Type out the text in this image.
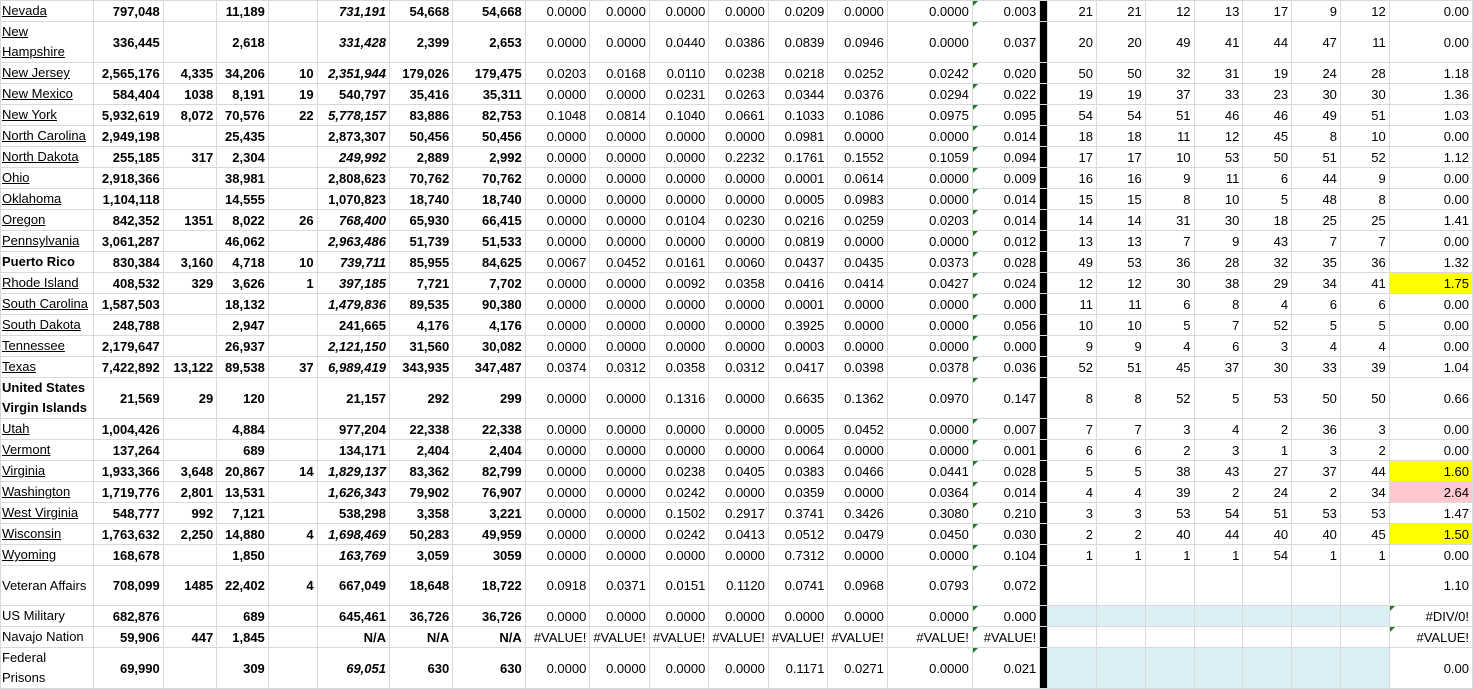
Nevada	797,048		11,189		731,191	54,668	54,668	0.0000	0.0000	0.0000	0.0000	0.0209	0.0000	0.0000	0.003		21	21	12	13	17	9	12	0.00
New Hampshire	336,445		2,618		331,428	2,399	2,653	0.0000	0.0000	0.0440	0.0386	0.0839	0.0946	0.0000	0.037		20	20	49	41	44	47	11	0.00
New Jersey	2,565,176	4,335	34,206	10	2,351,944	179,026	179,475	0.0203	0.0168	0.0110	0.0238	0.0218	0.0252	0.0242	0.020		50	50	32	31	19	24	28	1.18
New Mexico	584,404	1038	8,191	19	540,797	35,416	35,311	0.0000	0.0000	0.0231	0.0263	0.0344	0.0376	0.0294	0.022		19	19	37	33	23	30	30	1.36
New York	5,932,619	8,072	70,576	22	5,778,157	83,886	82,753	0.1048	0.0814	0.1040	0.0661	0.1033	0.1086	0.0975	0.095		54	54	51	46	46	49	51	1.03
North Carolina	2,949,198		25,435		2,873,307	50,456	50,456	0.0000	0.0000	0.0000	0.0000	0.0981	0.0000	0.0000	0.014		18	18	11	12	45	8	10	0.00
North Dakota	255,185	317	2,304		249,992	2,889	2,992	0.0000	0.0000	0.0000	0.2232	0.1761	0.1552	0.1059	0.094		17	17	10	53	50	51	52	1.12
Ohio	2,918,366		38,981		2,808,623	70,762	70,762	0.0000	0.0000	0.0000	0.0000	0.0001	0.0614	0.0000	0.009		16	16	9	11	6	44	9	0.00
Oklahoma	1,104,118		14,555		1,070,823	18,740	18,740	0.0000	0.0000	0.0000	0.0000	0.0005	0.0983	0.0000	0.014		15	15	8	10	5	48	8	0.00
Oregon	842,352	1351	8,022	26	768,400	65,930	66,415	0.0000	0.0000	0.0104	0.0230	0.0216	0.0259	0.0203	0.014		14	14	31	30	18	25	25	1.41
Pennsylvania	3,061,287		46,062		2,963,486	51,739	51,533	0.0000	0.0000	0.0000	0.0000	0.0819	0.0000	0.0000	0.012		13	13	7	9	43	7	7	0.00
Puerto Rico	830,384	3,160	4,718	10	739,711	85,955	84,625	0.0067	0.0452	0.0161	0.0060	0.0437	0.0435	0.0373	0.028		49	53	36	28	32	35	36	1.32
Rhode Island	408,532	329	3,626	1	397,185	7,721	7,702	0.0000	0.0000	0.0092	0.0358	0.0416	0.0414	0.0427	0.024		12	12	30	38	29	34	41	1.75
South Carolina	1,587,503		18,132		1,479,836	89,535	90,380	0.0000	0.0000	0.0000	0.0000	0.0001	0.0000	0.0000	0.000		11	11	6	8	4	6	6	0.00
South Dakota	248,788		2,947		241,665	4,176	4,176	0.0000	0.0000	0.0000	0.0000	0.3925	0.0000	0.0000	0.056		10	10	5	7	52	5	5	0.00
Tennessee	2,179,647		26,937		2,121,150	31,560	30,082	0.0000	0.0000	0.0000	0.0000	0.0003	0.0000	0.0000	0.000		9	9	4	6	3	4	4	0.00
Texas	7,422,892	13,122	89,538	37	6,989,419	343,935	347,487	0.0374	0.0312	0.0358	0.0312	0.0417	0.0398	0.0378	0.036		52	51	45	37	30	33	39	1.04
United States Virgin Islands	21,569	29	120		21,157	292	299	0.0000	0.0000	0.1316	0.0000	0.6635	0.1362	0.0970	0.147		8	8	52	5	53	50	50	0.66
Utah	1,004,426		4,884		977,204	22,338	22,338	0.0000	0.0000	0.0000	0.0000	0.0005	0.0452	0.0000	0.007		7	7	3	4	2	36	3	0.00
Vermont	137,264		689		134,171	2,404	2,404	0.0000	0.0000	0.0000	0.0000	0.0064	0.0000	0.0000	0.001		6	6	2	3	1	3	2	0.00
Virginia	1,933,366	3,648	20,867	14	1,829,137	83,362	82,799	0.0000	0.0000	0.0238	0.0405	0.0383	0.0466	0.0441	0.028		5	5	38	43	27	37	44	1.60
Washington	1,719,776	2,801	13,531		1,626,343	79,902	76,907	0.0000	0.0000	0.0242	0.0000	0.0359	0.0000	0.0364	0.014		4	4	39	2	24	2	34	2.64
West Virginia	548,777	992	7,121		538,298	3,358	3,221	0.0000	0.0000	0.1502	0.2917	0.3741	0.3426	0.3080	0.210		3	3	53	54	51	53	53	1.47
Wisconsin	1,763,632	2,250	14,880	4	1,698,469	50,283	49,959	0.0000	0.0000	0.0242	0.0413	0.0512	0.0479	0.0450	0.030		2	2	40	44	40	40	45	1.50
Wyoming	168,678		1,850		163,769	3,059	3059	0.0000	0.0000	0.0000	0.0000	0.7312	0.0000	0.0000	0.104		1	1	1	1	54	1	1	0.00
Veteran Affairs	708,099	1485	22,402	4	667,049	18,648	18,722	0.0918	0.0371	0.0151	0.1120	0.0741	0.0968	0.0793	0.072									1.10
US Military	682,876		689		645,461	36,726	36,726	0.0000	0.0000	0.0000	0.0000	0.0000	0.0000	0.0000	0.000									#DIV/0!
Navajo Nation	59,906	447	1,845		N/A	N/A	N/A	#VALUE!	#VALUE!	#VALUE!	#VALUE!	#VALUE!	#VALUE!	#VALUE!	#VALUE!									#VALUE!
Federal Prisons	69,990		309		69,051	630	630	0.0000	0.0000	0.0000	0.0000	0.1171	0.0271	0.0000	0.021									0.00
